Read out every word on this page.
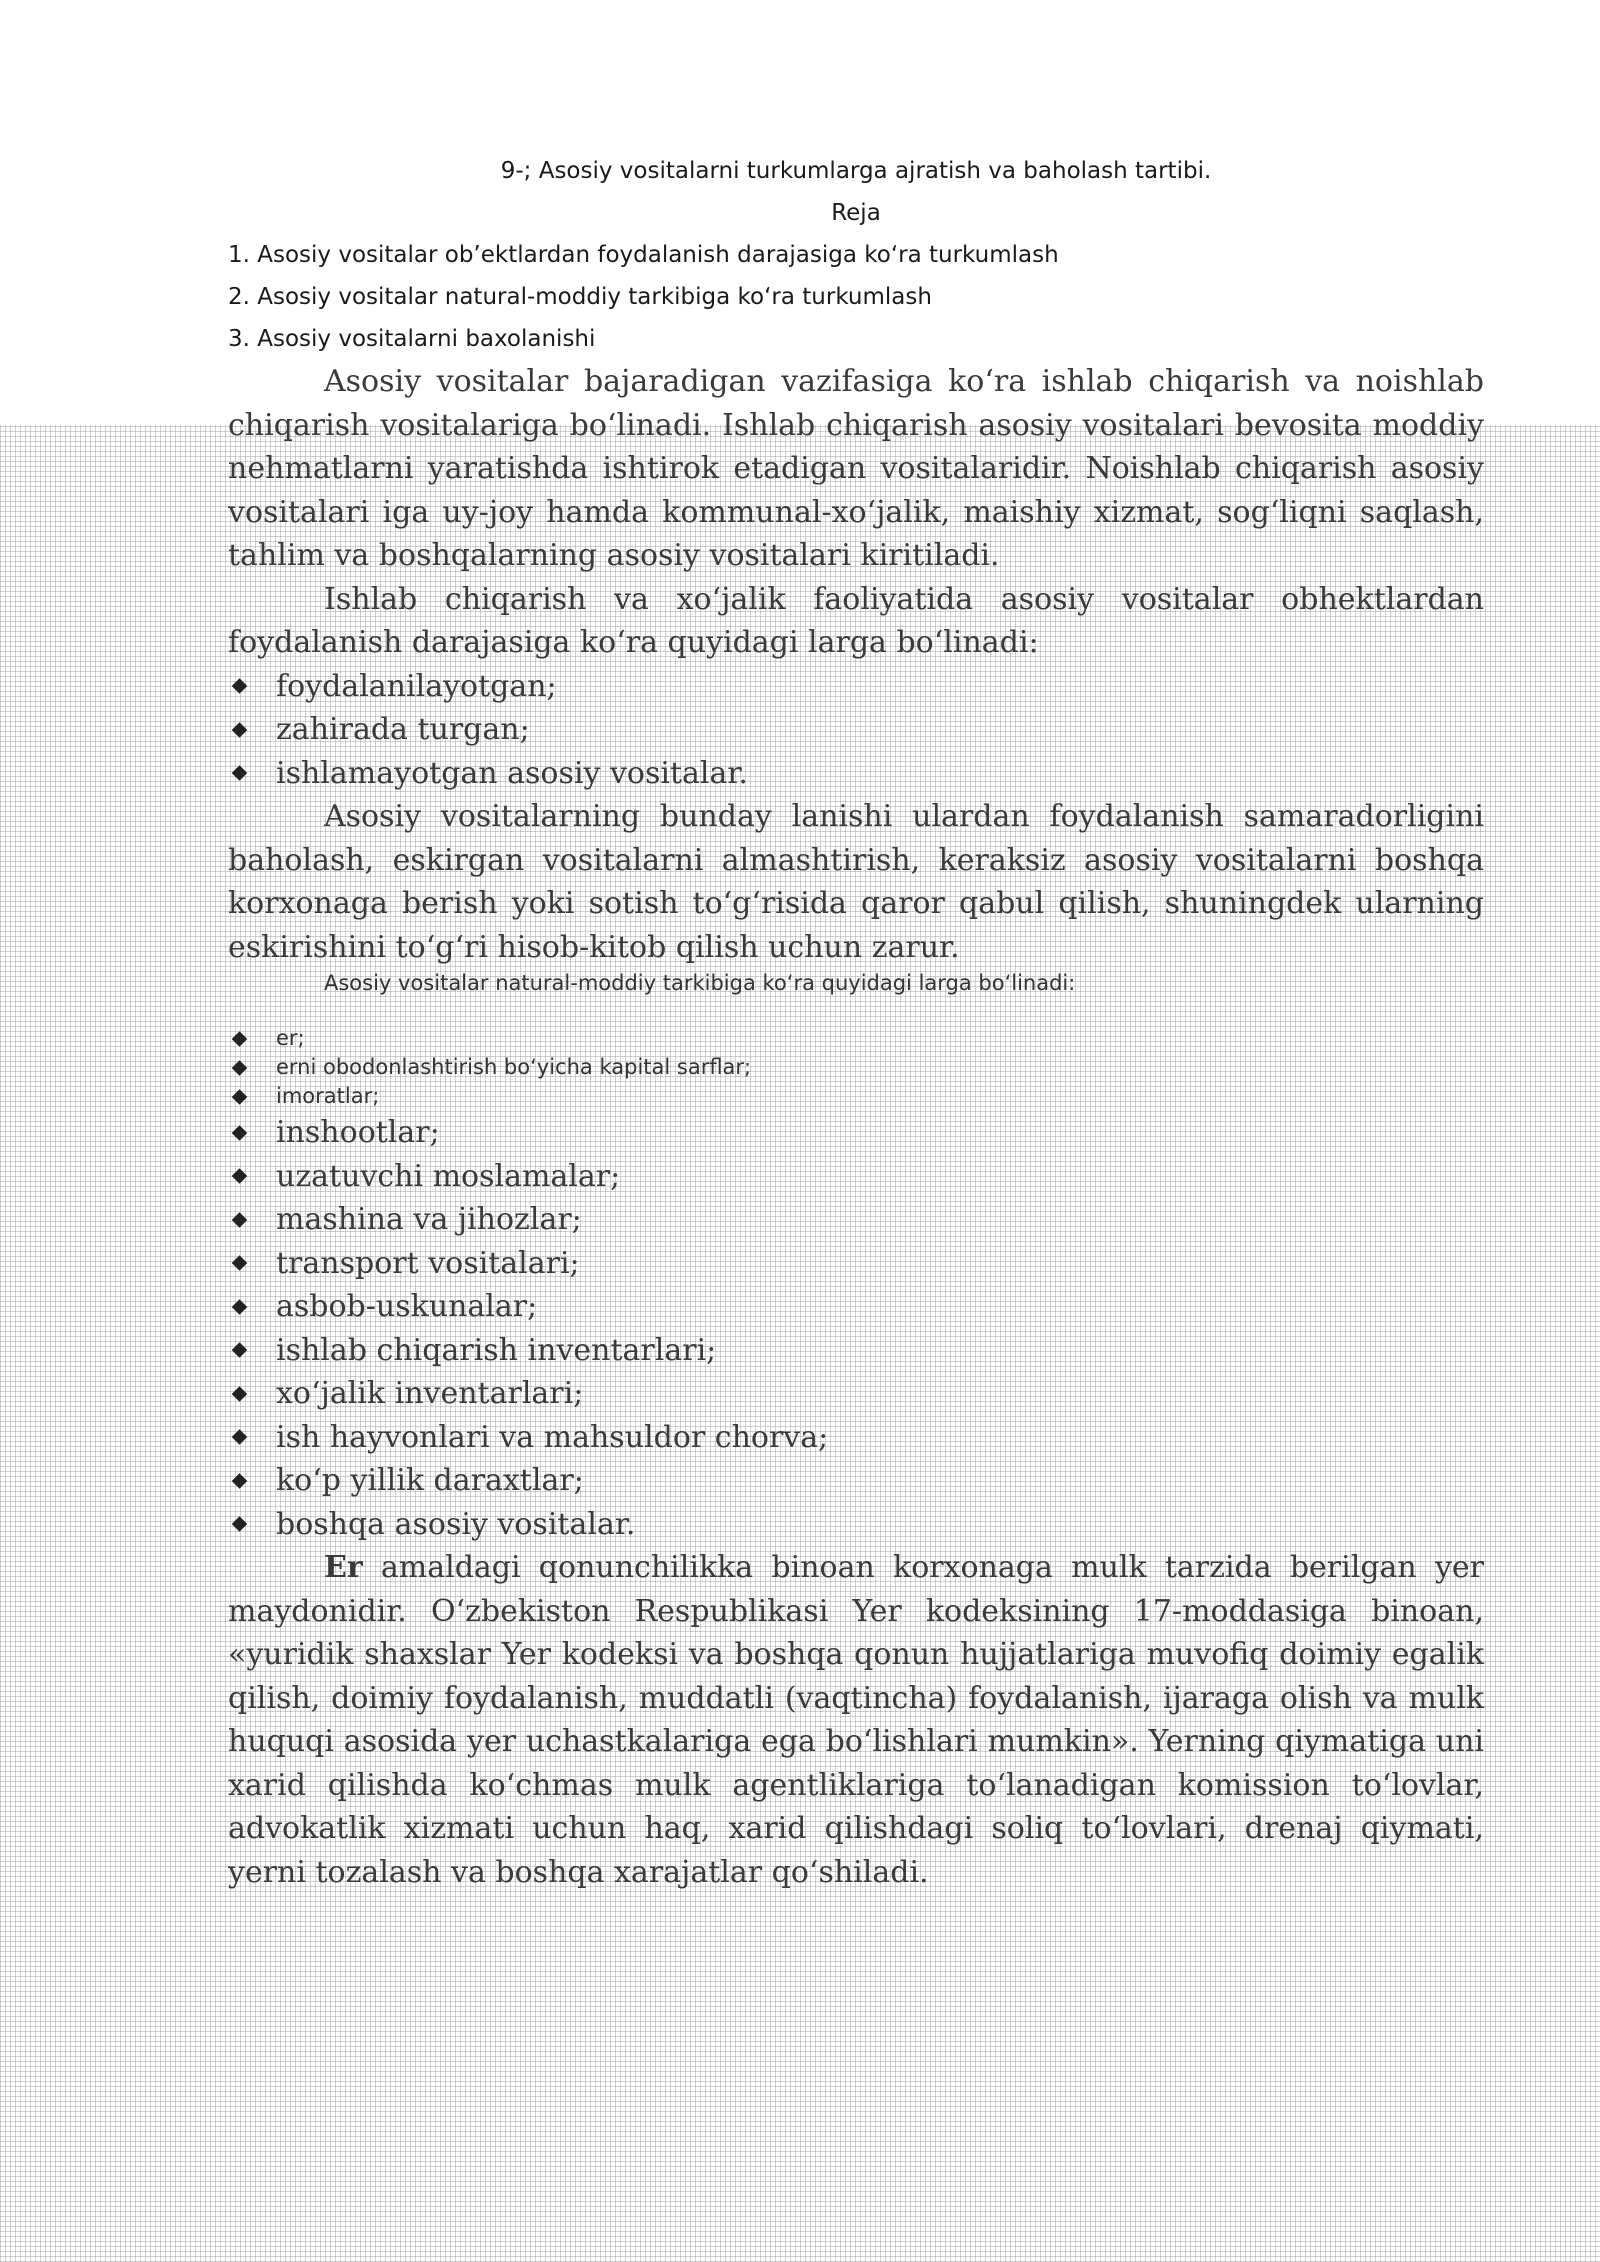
9-; Asosiy vositalarni turkumlarga ajratish va baholash tartibi.

Reja

1. Asosiy vositalar ob’ektlardan foydalanish darajasiga ko‘ra turkumlash

2. Asosiy vositalar natural-moddiy tarkibiga ko‘ra turkumlash

3. Asosiy vositalarni baxolanishi

Asosiy vositalar bajaradigan vazifasiga ko‘ra ishlab chiqarish va noishlab chiqarish vositalariga bo‘linadi. Ishlab chiqarish asosiy vositalari bevosita moddiy nehmatlarni yaratishda ishtirok etadigan vositalaridir. Noishlab chiqarish asosiy vositalari iga uy-joy hamda kommunal-xo‘jalik, maishiy xizmat, sog‘liqni saqlash, tahlim va boshqalarning asosiy vositalari kiritiladi.

Ishlab chiqarish va xo‘jalik faoliyatida asosiy vositalar obhektlardan foydalanish darajasiga ko‘ra quyidagi larga bo‘linadi:

foydalanilayotgan;
zahirada turgan;
ishlamayotgan asosiy vositalar.

Asosiy vositalarning bunday lanishi ulardan foydalanish samaradorligini baholash, eskirgan vositalarni almashtirish, keraksiz asosiy vositalarni boshqa korxonaga berish yoki sotish to‘g‘risida qaror qabul qilish, shuningdek ularning eskirishini to‘g‘ri hisob-kitob qilish uchun zarur.

Asosiy vositalar natural-moddiy tarkibiga ko‘ra quyidagi larga bo‘linadi:

er;
erni obodonlashtirish bo‘yicha kapital sarflar;
imoratlar;
inshootlar;
uzatuvchi moslamalar;
mashina va jihozlar;
transport vositalari;
asbob-uskunalar;
ishlab chiqarish inventarlari;
xo‘jalik inventarlari;
ish hayvonlari va mahsuldor chorva;
ko‘p yillik daraxtlar;
boshqa asosiy vositalar.

Er amaldagi qonunchilikka binoan korxonaga mulk tarzida berilgan yer maydonidir. O‘zbekiston Respublikasi Yer kodeksining 17-moddasiga binoan, «yuridik shaxslar Yer kodeksi va boshqa qonun hujjatlariga muvofiq doimiy egalik qilish, doimiy foydalanish, muddatli (vaqtincha) foydalanish, ijaraga olish va mulk huquqi asosida yer uchastkalariga ega bo‘lishlari mumkin». Yerning qiymatiga uni xarid qilishda ko‘chmas mulk agentliklariga to‘lanadigan komission to‘lovlar, advokatlik xizmati uchun haq, xarid qilishdagi soliq to‘lovlari, drenaj qiymati, yerni tozalash va boshqa xarajatlar qo‘shiladi.
